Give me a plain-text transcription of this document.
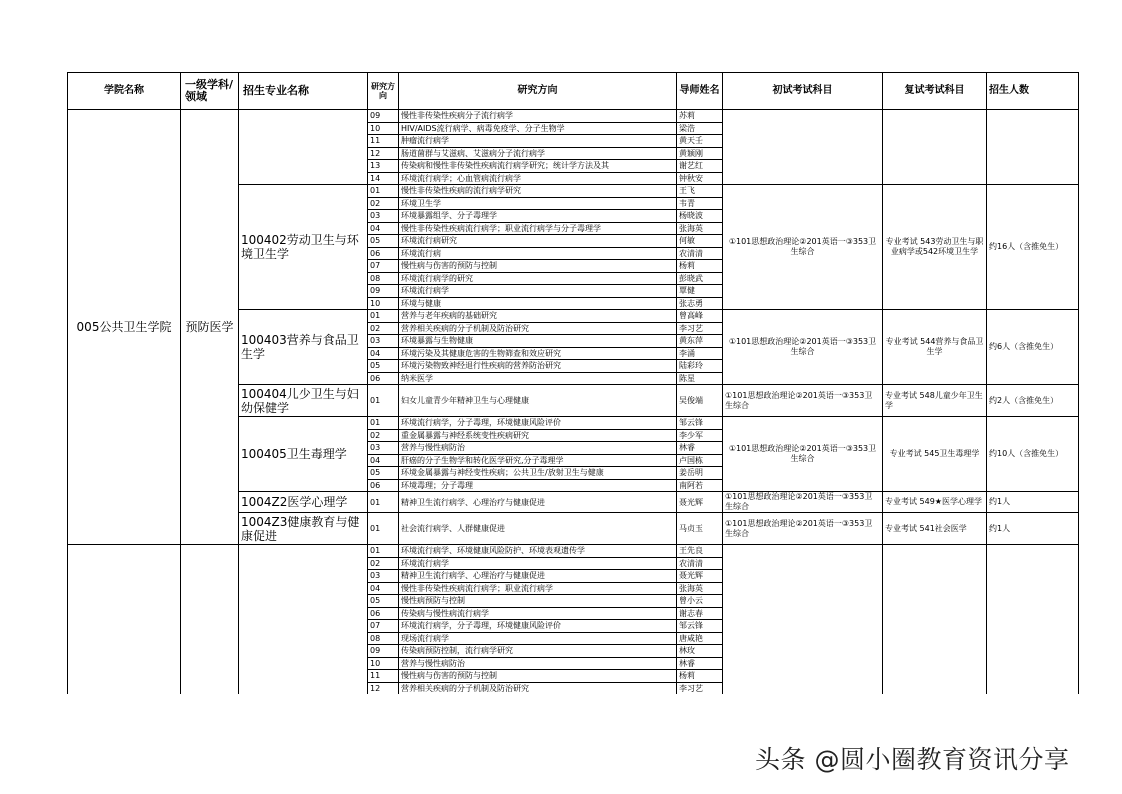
学院名称	一级学科/领域	招生专业名称	研究方向	研究方向	导师姓名	初试考试科目	复试考试科目	招生人数
005公共卫生学院	预防医学		09	慢性非传染性疾病分子流行病学	苏莉			
			10	HIV/AIDS流行病学、病毒免疫学、分子生物学	梁浩			
			11	肿瘤流行病学	黄天壬			
			12	肠道菌群与艾滋病、艾滋病分子流行病学	黄颖刚			
			13	传染病和慢性非传染性疾病流行病学研究；统计学方法及其	谢艺红			
			14	环境流行病学；心血管病流行病学	钟秋安			
		100402劳动卫生与环境卫生学	01	慢性非传染性疾病的流行病学研究	王飞	①101思想政治理论②201英语一③353卫生综合	专业考试 543劳动卫生与职业病学或542环境卫生学	约16人（含推免生）
			02	环境卫生学	韦青			
			03	环境暴露组学、分子毒理学	杨晓波			
			04	慢性非传染性疾病流行病学；职业流行病学与分子毒理学	张海英			
			05	环境流行病研究	何敏			
			06	环境流行病	农清清			
			07	慢性病与伤害的预防与控制	杨莉			
			08	环境流行病学的研究	彭晓武			
			09	环境流行病学	覃健			
			10	环境与健康	张志勇			
		100403营养与食品卫生学	01	营养与老年疾病的基础研究	曾高峰	①101思想政治理论②201英语一③353卫生综合	专业考试 544营养与食品卫生学	约6人（含推免生）
			02	营养相关疾病的分子机制及防治研究	李习艺			
			03	环境暴露与生物健康	黄东萍			
			04	环境污染及其健康危害的生物筛查和效应研究	李涌			
			05	环境污染物致神经退行性疾病的营养防治研究	陆彩玲			
			06	纳米医学	陈星			
		100404儿少卫生与妇幼保健学	01	妇女儿童青少年精神卫生与心理健康	吴俊端	①101思想政治理论②201英语一③353卫生综合	专业考试 548儿童少年卫生学	约2人（含推免生）
		100405卫生毒理学	01	环境流行病学，分子毒理，环境健康风险评价	邹云锋	①101思想政治理论②201英语一③353卫生综合	专业考试 545卫生毒理学	约10人（含推免生）
			02	重金属暴露与神经系统变性疾病研究	李少军			
			03	营养与慢性病防治	林睿			
			04	肝癌的分子生物学和转化医学研究,分子毒理学	卢国栋			
			05	环境金属暴露与神经变性疾病；公共卫生/放射卫生与健康	姜岳明			
			06	环境毒理；分子毒理	南阿若			
		1004Z2医学心理学	01	精神卫生流行病学、心理治疗与健康促进	聂光辉	①101思想政治理论②201英语一③353卫生综合	专业考试 549★医学心理学	约1人
		1004Z3健康教育与健康促进	01	社会流行病学、人群健康促进	马贞玉	①101思想政治理论②201英语一③353卫生综合	专业考试 541社会医学	约1人
			01	环境流行病学、环境健康风险防护、环境表观遗传学	王先良			
			02	环境流行病学	农清清			
			03	精神卫生流行病学、心理治疗与健康促进	聂光辉			
			04	慢性非传染性疾病流行病学；职业流行病学	张海英			
			05	慢性病预防与控制	曾小云			
			06	传染病与慢性病流行病学	谢志春			
			07	环境流行病学，分子毒理，环境健康风险评价	邹云锋			
			08	现场流行病学	唐咸艳			
			09	传染病预防控制，流行病学研究	林玫			
			10	营养与慢性病防治	林睿			
			11	慢性病与伤害的预防与控制	杨莉			
			12	营养相关疾病的分子机制及防治研究	李习艺			
头条 @圆小圈教育资讯分享
